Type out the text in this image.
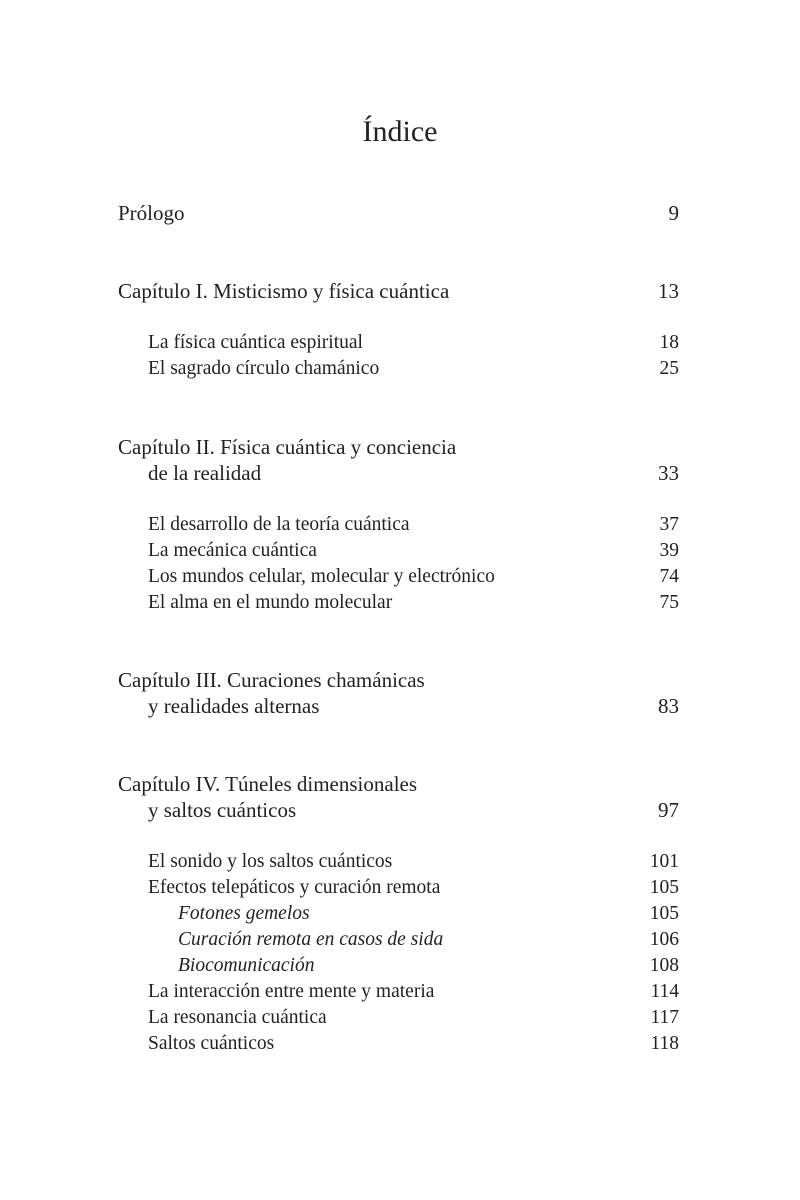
Índice
Prólogo	9
Capítulo I. Misticismo y física cuántica	13
La física cuántica espiritual	18
El sagrado círculo chamánico	25
Capítulo II. Física cuántica y conciencia
de la realidad	33
El desarrollo de la teoría cuántica	37
La mecánica cuántica	39
Los mundos celular, molecular y electrónico	74
El alma en el mundo molecular	75
Capítulo III. Curaciones chamánicas
y realidades alternas	83
Capítulo IV. Túneles dimensionales
y saltos cuánticos	97
El sonido y los saltos cuánticos	101
Efectos telepáticos y curación remota	105
Fotones gemelos	105
Curación remota en casos de sida	106
Biocomunicación	108
La interacción entre mente y materia	114
La resonancia cuántica	117
Saltos cuánticos	118
